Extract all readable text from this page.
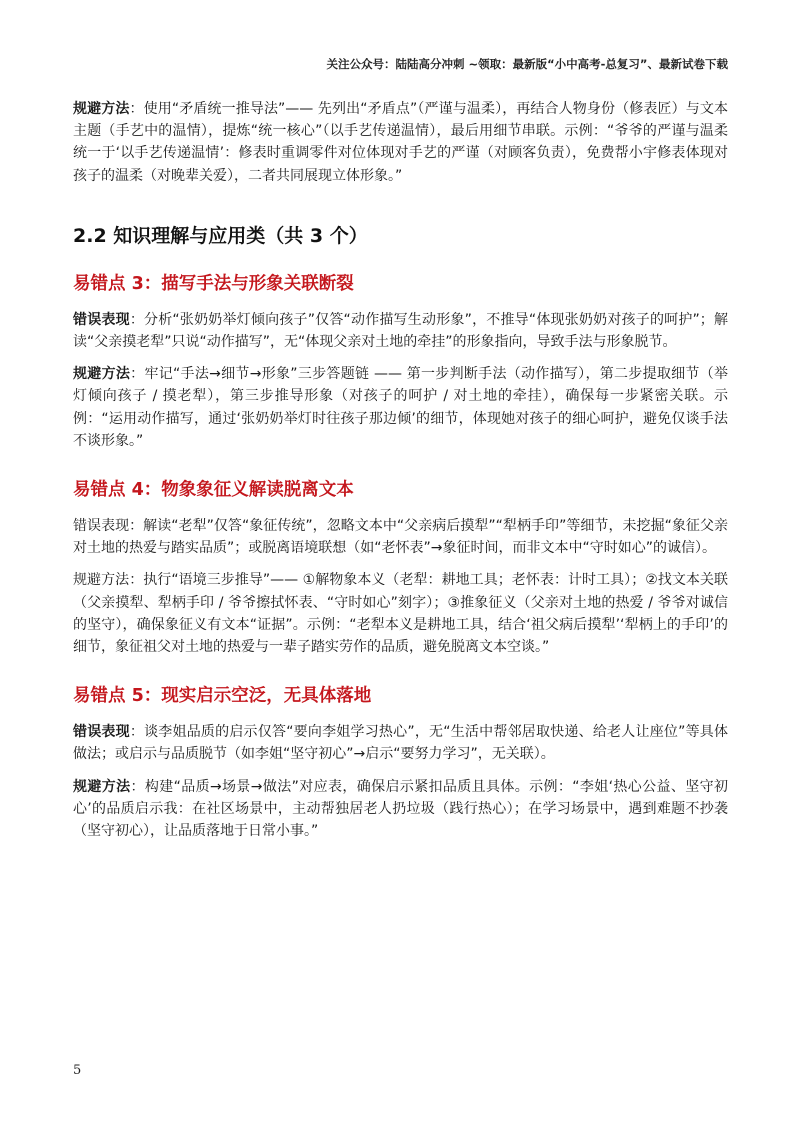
关注公众号：陆陆高分冲刺 ~领取：最新版“小中高考-总复习”、最新试卷下载

规避方法：使用“矛盾统一推导法”—— 先列出“矛盾点”（严谨与温柔），再结合人物身份（修表匠）与文本主题（手艺中的温情），提炼“统一核心”（以手艺传递温情），最后用细节串联。示例：“爷爷的严谨与温柔统一于‘以手艺传递温情’：修表时重调零件对位体现对手艺的严谨（对顾客负责），免费帮小宇修表体现对孩子的温柔（对晚辈关爱），二者共同展现立体形象。”

2.2 知识理解与应用类（共 3 个）
易错点 3：描写手法与形象关联断裂

错误表现：分析“张奶奶举灯倾向孩子”仅答“动作描写生动形象”，不推导“体现张奶奶对孩子的呵护”；解读“父亲摸老犁”只说“动作描写”，无“体现父亲对土地的牵挂”的形象指向，导致手法与形象脱节。

规避方法：牢记“手法→细节→形象”三步答题链 —— 第一步判断手法（动作描写），第二步提取细节（举灯倾向孩子 / 摸老犁），第三步推导形象（对孩子的呵护 / 对土地的牵挂），确保每一步紧密关联。示例：“运用动作描写，通过‘张奶奶举灯时往孩子那边倾’的细节，体现她对孩子的细心呵护，避免仅谈手法不谈形象。”

易错点 4：物象象征义解读脱离文本

错误表现：解读“老犁”仅答“象征传统”，忽略文本中“父亲病后摸犁”“犁柄手印”等细节，未挖掘“象征父亲对土地的热爱与踏实品质”；或脱离语境联想（如“老怀表”→象征时间，而非文本中“守时如心”的诚信）。

规避方法：执行“语境三步推导”—— ①解物象本义（老犁：耕地工具；老怀表：计时工具）；②找文本关联（父亲摸犁、犁柄手印 / 爷爷擦拭怀表、“守时如心”刻字）；③推象征义（父亲对土地的热爱 / 爷爷对诚信的坚守），确保象征义有文本“证据”。示例：“老犁本义是耕地工具，结合‘祖父病后摸犁’‘犁柄上的手印’的细节，象征祖父对土地的热爱与一辈子踏实劳作的品质，避免脱离文本空谈。”

易错点 5：现实启示空泛，无具体落地

错误表现：谈李姐品质的启示仅答“要向李姐学习热心”，无“生活中帮邻居取快递、给老人让座位”等具体做法；或启示与品质脱节（如李姐“坚守初心”→启示“要努力学习”，无关联）。

规避方法：构建“品质→场景→做法”对应表，确保启示紧扣品质且具体。示例：“李姐‘热心公益、坚守初心’的品质启示我：在社区场景中，主动帮独居老人扔垃圾（践行热心）；在学习场景中，遇到难题不抄袭（坚守初心），让品质落地于日常小事。”

5
